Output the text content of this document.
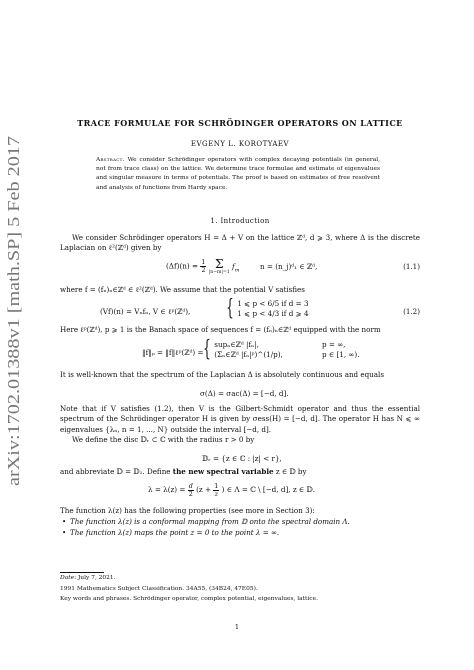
arXiv:1702.01388v1 [math.SP] 5 Feb 2017
TRACE FORMULAE FOR SCHRÖDINGER OPERATORS ON LATTICE
EVGENY L. KOROTYAEV
Abstract. We consider Schrödinger operators with complex decaying potentials (in general, not from trace class) on the lattice. We determine trace formulae and estimate of eigenvalues and singular measure in terms of potentials. The proof is based on estimates of free resolvent and analysis of functions from Hardy space.
1. Introduction
We consider Schrödinger operators H = Δ + V on the lattice ℤᵈ, d ⩾ 3, where Δ is the discrete Laplacian on ℓ²(ℤᵈ) given by
$(\Delta f)(n) = \frac{1}{2}$
Σ
|n−m|=1
$f_m$	n = (n_j)ᵈ₁ ∈ ℤᵈ,	(1.1)
where f = (fₙ)ₙ∈ℤᵈ ∈ ℓ²(ℤᵈ). We assume that the potential V satisfies
(Vf)(n) = Vₙfₙ, V ∈ ℓᵖ(ℤᵈ), { 1 ⩽ p < 6/5 if d = 3
1 ⩽ p < 4/3 if d ⩾ 4	(1.2)
Here ℓᵖ(ℤᵈ), p ⩾ 1 is the Banach space of sequences f = (fₙ)ₙ∈ℤᵈ equipped with the norm
‖f‖ₚ = ‖f‖ℓᵖ(ℤᵈ) = { supₙ∈ℤᵈ |fₙ|,
(Σₙ∈ℤᵈ |fₙ|ᵖ)^(1/p),
p = ∞,
p ∈ [1, ∞).
It is well-known that the spectrum of the Laplacian Δ is absolutely continuous and equals
σ(Δ) = σac(Δ) = [−d, d].
Note that if V satisfies (1.2), then V is the Gilbert-Schmidt operator and thus the essential spectrum of the Schrödinger operator H is given by σess(H) = [−d, d]. The operator H has N ⩽ ∞ eigenvalues {λₙ, n = 1, ..., N} outside the interval [−d, d].
We define the disc 𝔻ᵣ ⊂ ℂ with the radius r > 0 by
𝔻ᵣ = {z ∈ ℂ : |z| < r},
and abbreviate 𝔻 = 𝔻₁. Define the new spectral variable z ∈ 𝔻 by
$\lambda = \lambda(z) = \frac{d}{2} (z + \frac{1}{z}$ ) ∈ Λ = ℂ \ [−d, d], z ∈ 𝔻.
The function λ(z) has the following properties (see more in Section 3):
• The function λ(z) is a conformal mapping from 𝔻 onto the spectral domain Λ.
• The function λ(z) maps the point z = 0 to the point λ = ∞.
Date: July 7, 2021.
1991 Mathematics Subject Classification. 34A55, (34B24, 47E05).
Key words and phrases. Schrödinger operator, complex potential, eigenvalues, lattice.
1
